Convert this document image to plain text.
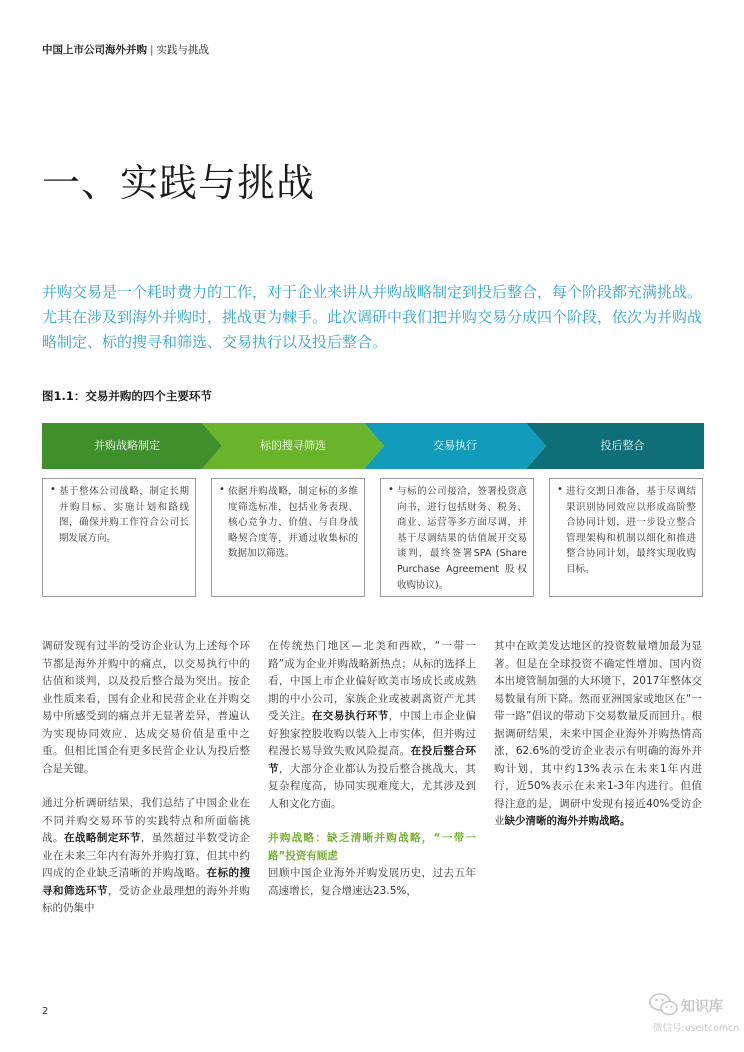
中国上市公司海外并购 | 实践与挑战
一、实践与挑战

并购交易是一个耗时费力的工作，对于企业来讲从并购战略制定到投后整合，每个阶段都充满挑战。尤其在涉及到海外并购时，挑战更为棘手。此次调研中我们把并购交易分成四个阶段，依次为并购战略制定、标的搜寻和筛选、交易执行以及投后整合。

图1.1：交易并购的四个主要环节
并购战略制定	标的搜寻筛选	交易执行	投后整合
• 基于整体公司战略，制定长期并购目标、实施计划和路线图，确保并购工作符合公司长期发展方向。
• 依据并购战略，制定标的多维度筛选标准，包括业务表现、核心竞争力、价值、与自身战略契合度等，并通过收集标的数据加以筛选。
• 与标的公司接洽，签署投资意向书，进行包括财务、税务、商业、运营等多方面尽调，并基于尽调结果的估值展开交易谈判，最终签署SPA (Share Purchase Agreement 股权收购协议)。
• 进行交割日准备，基于尽调结果识别协同效应以形成高阶整合协同计划，进一步设立整合管理架构和机制以细化和推进整合协同计划，最终实现收购目标。

调研发现有过半的受访企业认为上述每个环节都是海外并购中的痛点，以交易执行中的估值和谈判，以及投后整合最为突出。按企业性质来看，国有企业和民营企业在并购交易中所感受到的痛点并无显著差异，普遍认为实现协同效应、达成交易价值是重中之重。但相比国企有更多民营企业认为投后整合是关键。

通过分析调研结果，我们总结了中国企业在不同并购交易环节的实践特点和所面临挑战。在战略制定环节，虽然超过半数受访企业在未来三年内有海外并购打算，但其中约四成的企业缺乏清晰的并购战略。在标的搜寻和筛选环节，受访企业最理想的海外并购标的仍集中

在传统热门地区—北美和西欧，“一带一路”成为企业并购战略新热点；从标的选择上看，中国上市企业偏好欧美市场成长或成熟期的中小公司，家族企业或被剥离资产尤其受关注。在交易执行环节，中国上市企业偏好独家控股收购以装入上市实体，但并购过程漫长易导致失败风险提高。在投后整合环节，大部分企业都认为投后整合挑战大，其复杂程度高，协同实现难度大，尤其涉及到人和文化方面。

并购战略：缺乏清晰并购战略，“一带一路”投资有顾虑

回顾中国企业海外并购发展历史，过去五年高速增长，复合增速达23.5%，

其中在欧美发达地区的投资数量增加最为显著。但是在全球投资不确定性增加、国内资本出境管制加强的大环境下，2017年整体交易数量有所下降。然而亚洲国家或地区在“一带一路”倡议的带动下交易数量反而回升。根据调研结果，未来中国企业海外并购热情高涨，62.6%的受访企业表示有明确的海外并购计划，其中约13%表示在未来1年内进行，近50%表示在未来1-3年内进行。但值得注意的是，调研中发现有接近40%受访企业缺少清晰的海外并购战略。

2	知识库
微信号:useitcomcn
